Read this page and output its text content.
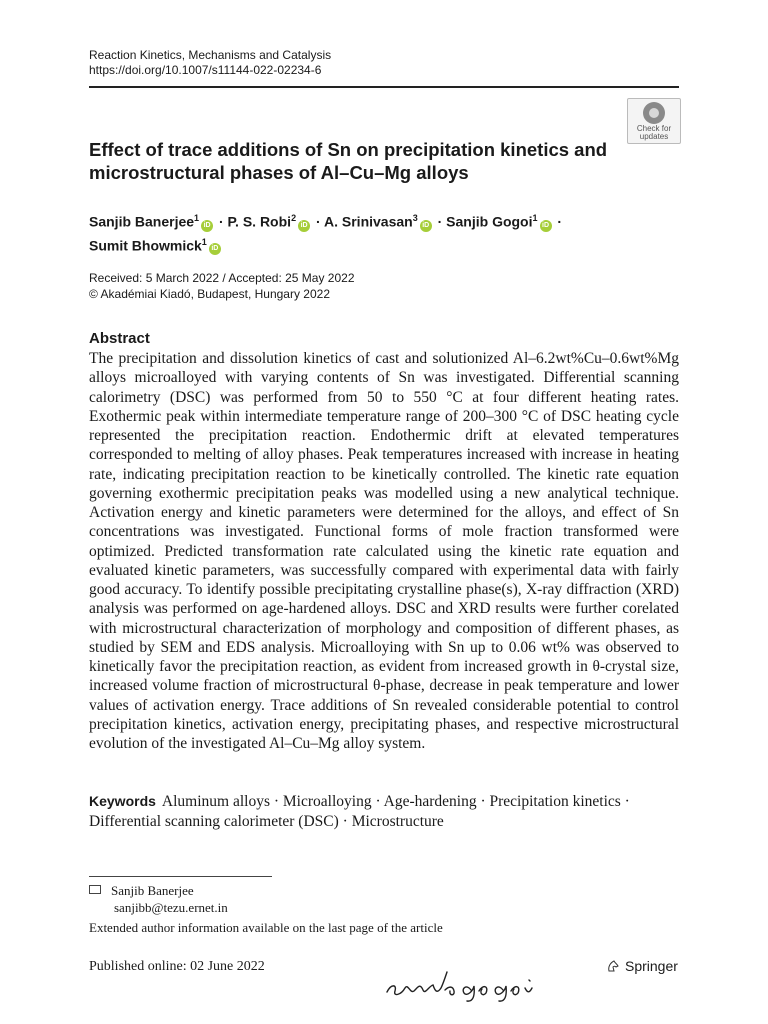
Reaction Kinetics, Mechanisms and Catalysis
https://doi.org/10.1007/s11144-022-02234-6
Check for
updates
Effect of trace additions of Sn on precipitation kinetics and microstructural phases of Al–Cu–Mg alloys
Sanjib Banerjee$^1$iD · P. S. Robi$^2$iD · A. Srinivasan$^3$iD · Sanjib Gogoi$^1$iD ·
Sumit Bhowmick$^1$iD
Received: 5 March 2022 / Accepted: 25 May 2022
© Akadémiai Kiadó, Budapest, Hungary 2022
Abstract

The precipitation and dissolution kinetics of cast and solutionized Al–6.2wt%Cu–0.6wt%Mg alloys microalloyed with varying contents of Sn was investigated. Differential scanning calorimetry (DSC) was performed from 50 to 550 °C at four different heating rates. Exothermic peak within intermediate temperature range of 200–300 °C of DSC heating cycle represented the precipitation reaction. Endothermic drift at elevated temperatures corresponded to melting of alloy phases. Peak temperatures increased with increase in heating rate, indicating precipitation reaction to be kinetically controlled. The kinetic rate equation governing exothermic precipitation peaks was modelled using a new analytical technique. Activation energy and kinetic parameters were determined for the alloys, and effect of Sn concentrations was investigated. Functional forms of mole fraction transformed were optimized. Predicted transformation rate calculated using the kinetic rate equation and evaluated kinetic parameters, was successfully compared with experimental data with fairly good accuracy. To identify possible precipitating crystalline phase(s), X-ray diffraction (XRD) analysis was performed on age-hardened alloys. DSC and XRD results were further corelated with microstructural characterization of morphology and composition of different phases, as studied by SEM and EDS analysis. Microalloying with Sn up to 0.06 wt% was observed to kinetically favor the precipitation reaction, as evident from increased growth in θ-crystal size, increased volume fraction of microstructural θ-phase, decrease in peak temperature and lower values of activation energy. Trace additions of Sn revealed considerable potential to control precipitation kinetics, activation energy, precipitating phases, and respective microstructural evolution of the investigated Al–Cu–Mg alloy system.

Keywords Aluminum alloys · Microalloying · Age-hardening · Precipitation kinetics · Differential scanning calorimeter (DSC) · Microstructure
Sanjib Banerjee
sanjibb@tezu.ernet.in
Extended author information available on the last page of the article
Published online: 02 June 2022	Springer
